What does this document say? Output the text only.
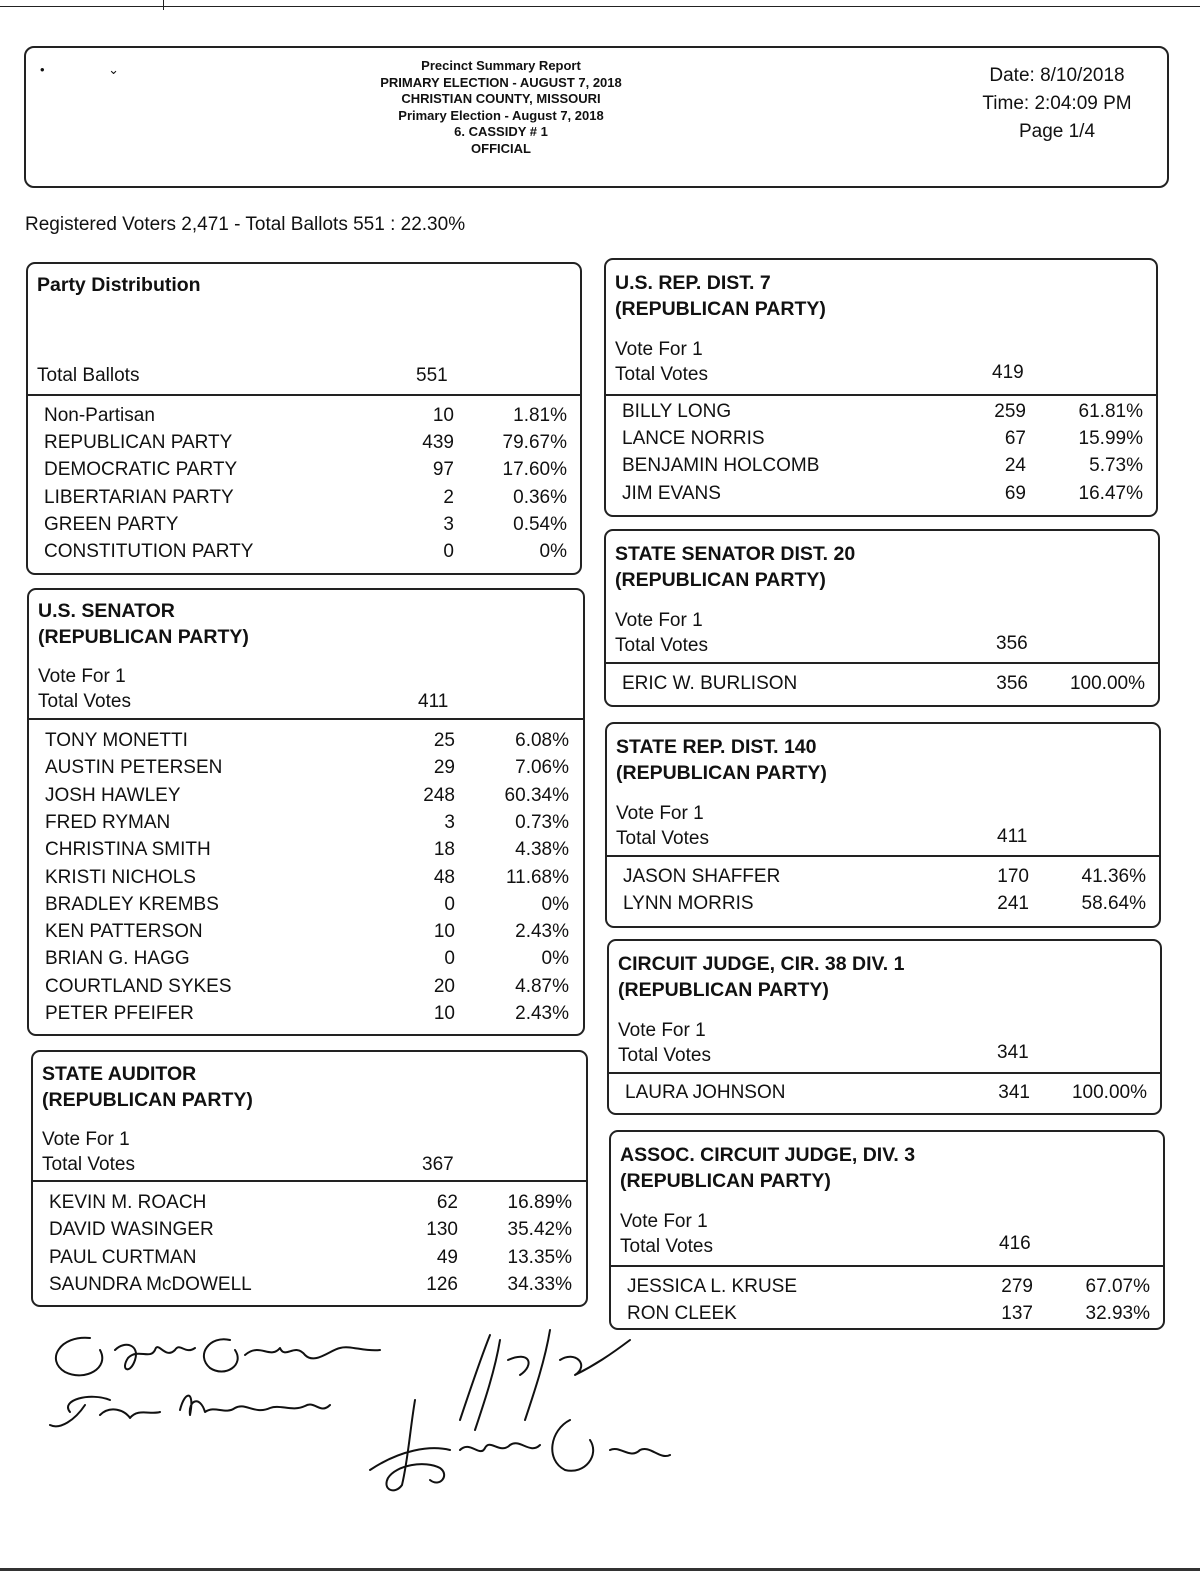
• ⌄	Precinct Summary Report
PRIMARY ELECTION - AUGUST 7, 2018
CHRISTIAN COUNTY, MISSOURI
Primary Election - August 7, 2018
6. CASSIDY # 1
OFFICIAL
Date: 8/10/2018
Time: 2:04:09 PM
Page 1/4
Registered Voters 2,471 - Total Ballots 551 : 22.30%
Party Distribution
Total Ballots	551
Non-Partisan	10	1.81%
REPUBLICAN PARTY	439	79.67%
DEMOCRATIC PARTY	97	17.60%
LIBERTARIAN PARTY	2	0.36%
GREEN PARTY	3	0.54%
CONSTITUTION PARTY	0	0%
U.S. SENATOR
(REPUBLICAN PARTY)
Vote For 1
Total Votes	411
TONY MONETTI	25	6.08%
AUSTIN PETERSEN	29	7.06%
JOSH HAWLEY	248	60.34%
FRED RYMAN	3	0.73%
CHRISTINA SMITH	18	4.38%
KRISTI NICHOLS	48	11.68%
BRADLEY KREMBS	0	0%
KEN PATTERSON	10	2.43%
BRIAN G. HAGG	0	0%
COURTLAND SYKES	20	4.87%
PETER PFEIFER	10	2.43%
STATE AUDITOR
(REPUBLICAN PARTY)
Vote For 1
Total Votes	367
KEVIN M. ROACH	62	16.89%
DAVID WASINGER	130	35.42%
PAUL CURTMAN	49	13.35%
SAUNDRA McDOWELL	126	34.33%
U.S. REP. DIST. 7
(REPUBLICAN PARTY)
Vote For 1
Total Votes	419
BILLY LONG	259	61.81%
LANCE NORRIS	67	15.99%
BENJAMIN HOLCOMB	24	5.73%
JIM EVANS	69	16.47%
STATE SENATOR DIST. 20
(REPUBLICAN PARTY)
Vote For 1
Total Votes	356
ERIC W. BURLISON	356	100.00%
STATE REP. DIST. 140
(REPUBLICAN PARTY)
Vote For 1
Total Votes	411
JASON SHAFFER	170	41.36%
LYNN MORRIS	241	58.64%
CIRCUIT JUDGE, CIR. 38 DIV. 1
(REPUBLICAN PARTY)
Vote For 1
Total Votes	341
LAURA JOHNSON	341	100.00%
ASSOC. CIRCUIT JUDGE, DIV. 3
(REPUBLICAN PARTY)
Vote For 1
Total Votes	416
JESSICA L. KRUSE	279	67.07%
RON CLEEK	137	32.93%
